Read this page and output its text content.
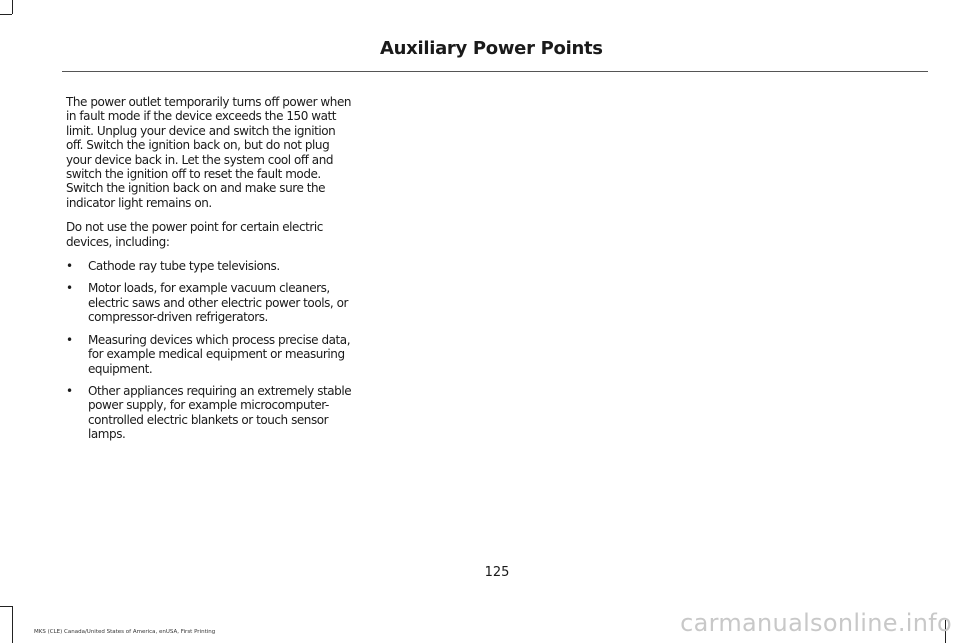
Auxiliary Power Points

The power outlet temporarily turns off power when in fault mode if the device exceeds the 150 watt limit. Unplug your device and switch the ignition off. Switch the ignition back on, but do not plug your device back in. Let the system cool off and switch the ignition off to reset the fault mode. Switch the ignition back on and make sure the indicator light remains on.

Do not use the power point for certain electric devices, including:

• Cathode ray tube type televisions.
• Motor loads, for example vacuum cleaners, electric saws and other electric power tools, or compressor-driven refrigerators.
• Measuring devices which process precise data, for example medical equipment or measuring equipment.
• Other appliances requiring an extremely stable power supply, for example microcomputer-controlled electric blankets or touch sensor lamps.
125
MKS (CLE) Canada/United States of America, enUSA, First Printing	carmanualsonline.info
